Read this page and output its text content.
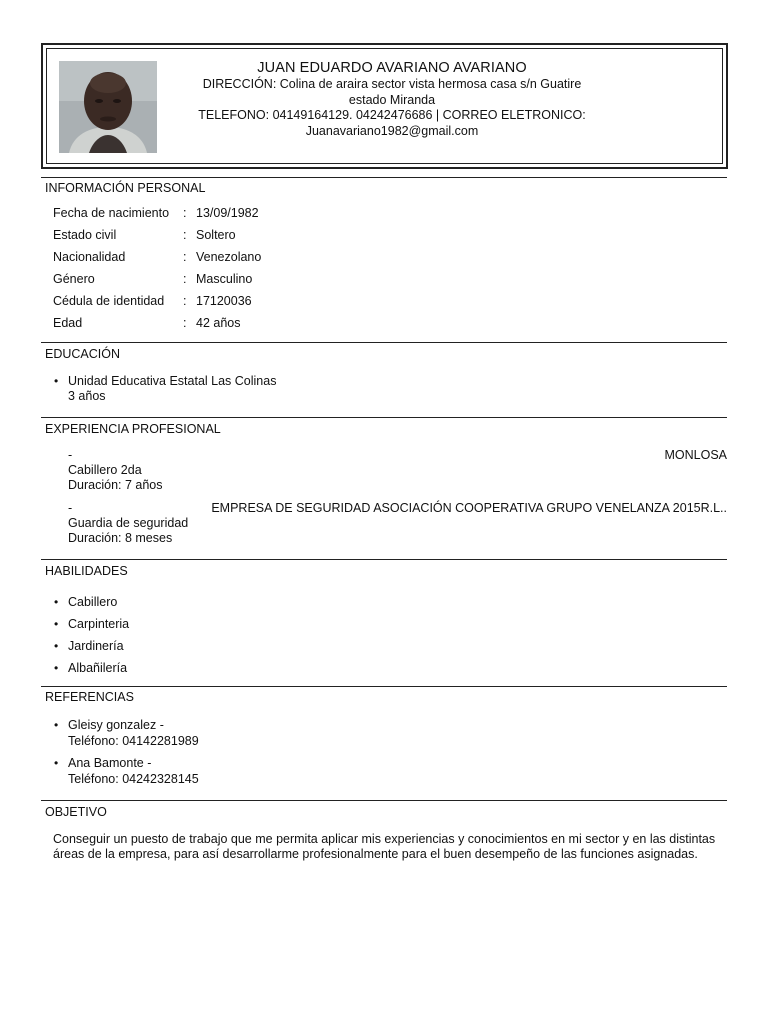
JUAN EDUARDO AVARIANO AVARIANO
DIRECCIÓN: Colina de araira sector vista hermosa casa s/n Guatire
estado Miranda
TELEFONO: 04149164129. 04242476686 | CORREO ELETRONICO:
Juanavariano1982@gmail.com
INFORMACIÓN PERSONAL
Fecha de nacimiento	:	13/09/1982
Estado civil	:	Soltero
Nacionalidad	:	Venezolano
Género	:	Masculino
Cédula de identidad	:	17120036
Edad	:	42 años
EDUCACIÓN
• Unidad Educativa Estatal Las Colinas
3 años
EXPERIENCIA PROFESIONAL
-	MONLOSA
Cabillero 2da
Duración: 7 años
-	EMPRESA DE SEGURIDAD ASOCIACIÓN COOPERATIVA GRUPO VENELANZA 2015R.L..
Guardia de seguridad
Duración: 8 meses
HABILIDADES
• Cabillero
• Carpinteria
• Jardinería
• Albañilería
REFERENCIAS
• Gleisy gonzalez -
Teléfono: 04142281989
• Ana Bamonte -
Teléfono: 04242328145
OBJETIVO
Conseguir un puesto de trabajo que me permita aplicar mis experiencias y conocimientos en mi sector y en las distintas áreas de la empresa, para así desarrollarme profesionalmente para el buen desempeño de las funciones asignadas.
